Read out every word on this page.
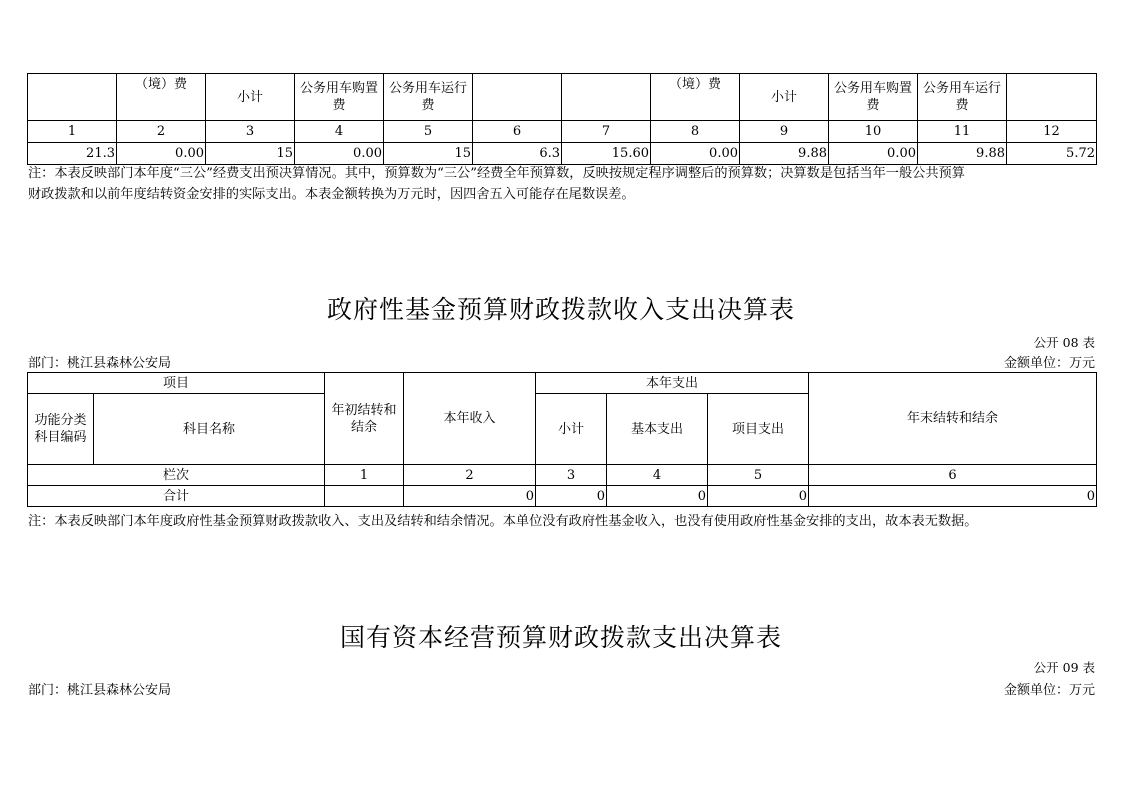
	（境）费	小计	公务用车购置费	公务用车运行费			（境）费	小计	公务用车购置费	公务用车运行费	
1	2	3	4	5	6	7	8	9	10	11	12
21.3	0.00	15	0.00	15	6.3	15.60	0.00	9.88	0.00	9.88	5.72
注：本表反映部门本年度“三公”经费支出预决算情况。其中，预算数为“三公”经费全年预算数，反映按规定程序调整后的预算数；决算数是包括当年一般公共预算
财政拨款和以前年度结转资金安排的实际支出。本表金额转换为万元时，因四舍五入可能存在尾数误差。
政府性基金预算财政拨款收入支出决算表
公开 08 表
部门：桃江县森林公安局	金额单位：万元
项目		年初结转和结余	本年收入	本年支出			年末结转和结余
功能分类科目编码	科目名称			小计	基本支出	项目支出	
栏次		1	2	3	4	5	6
合计			0	0	0	0	0
注：本表反映部门本年度政府性基金预算财政拨款收入、支出及结转和结余情况。本单位没有政府性基金收入，也没有使用政府性基金安排的支出，故本表无数据。
国有资本经营预算财政拨款支出决算表
公开 09 表
部门：桃江县森林公安局	金额单位：万元
